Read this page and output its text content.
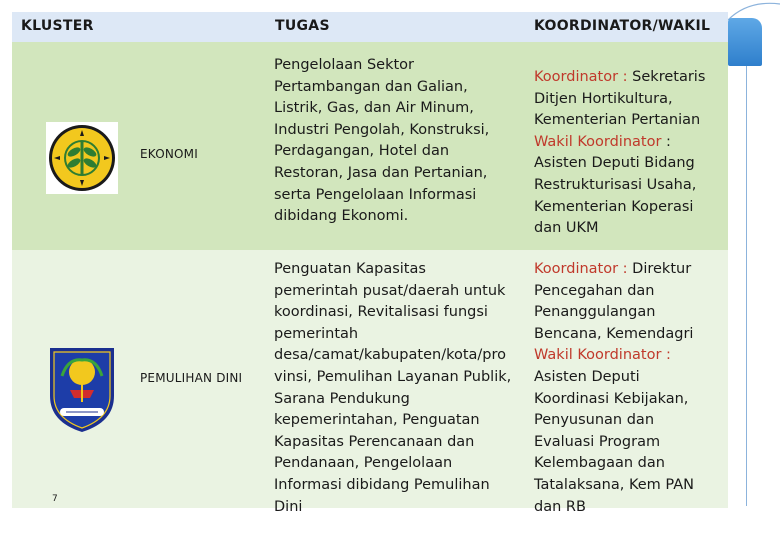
KLUSTER	TUGAS	KOORDINATOR/WAKIL
EKONOMI
Pengelolaan Sektor
Pertambangan dan Galian,
Listrik, Gas, dan Air Minum,
Industri Pengolah, Konstruksi,
Perdagangan, Hotel dan
Restoran, Jasa dan Pertanian,
serta Pengelolaan Informasi
dibidang Ekonomi.
Koordinator : Sekretaris
Ditjen Hortikultura,
Kementerian Pertanian
Wakil Koordinator :
Asisten Deputi Bidang
Restrukturisasi Usaha,
Kementerian Koperasi
dan UKM
PEMULIHAN DINI
Penguatan Kapasitas
pemerintah pusat/daerah untuk
koordinasi, Revitalisasi fungsi
pemerintah
desa/camat/kabupaten/kota/pro
vinsi, Pemulihan Layanan Publik,
Sarana Pendukung
kepemerintahan, Penguatan
Kapasitas Perencanaan dan
Pendanaan, Pengelolaan
Informasi dibidang Pemulihan
Dini
Koordinator : Direktur
Pencegahan dan
Penanggulangan
Bencana, Kemendagri
Wakil Koordinator :
Asisten Deputi
Koordinasi Kebijakan,
Penyusunan dan
Evaluasi Program
Kelembagaan dan
Tatalaksana, Kem PAN
dan RB
7
